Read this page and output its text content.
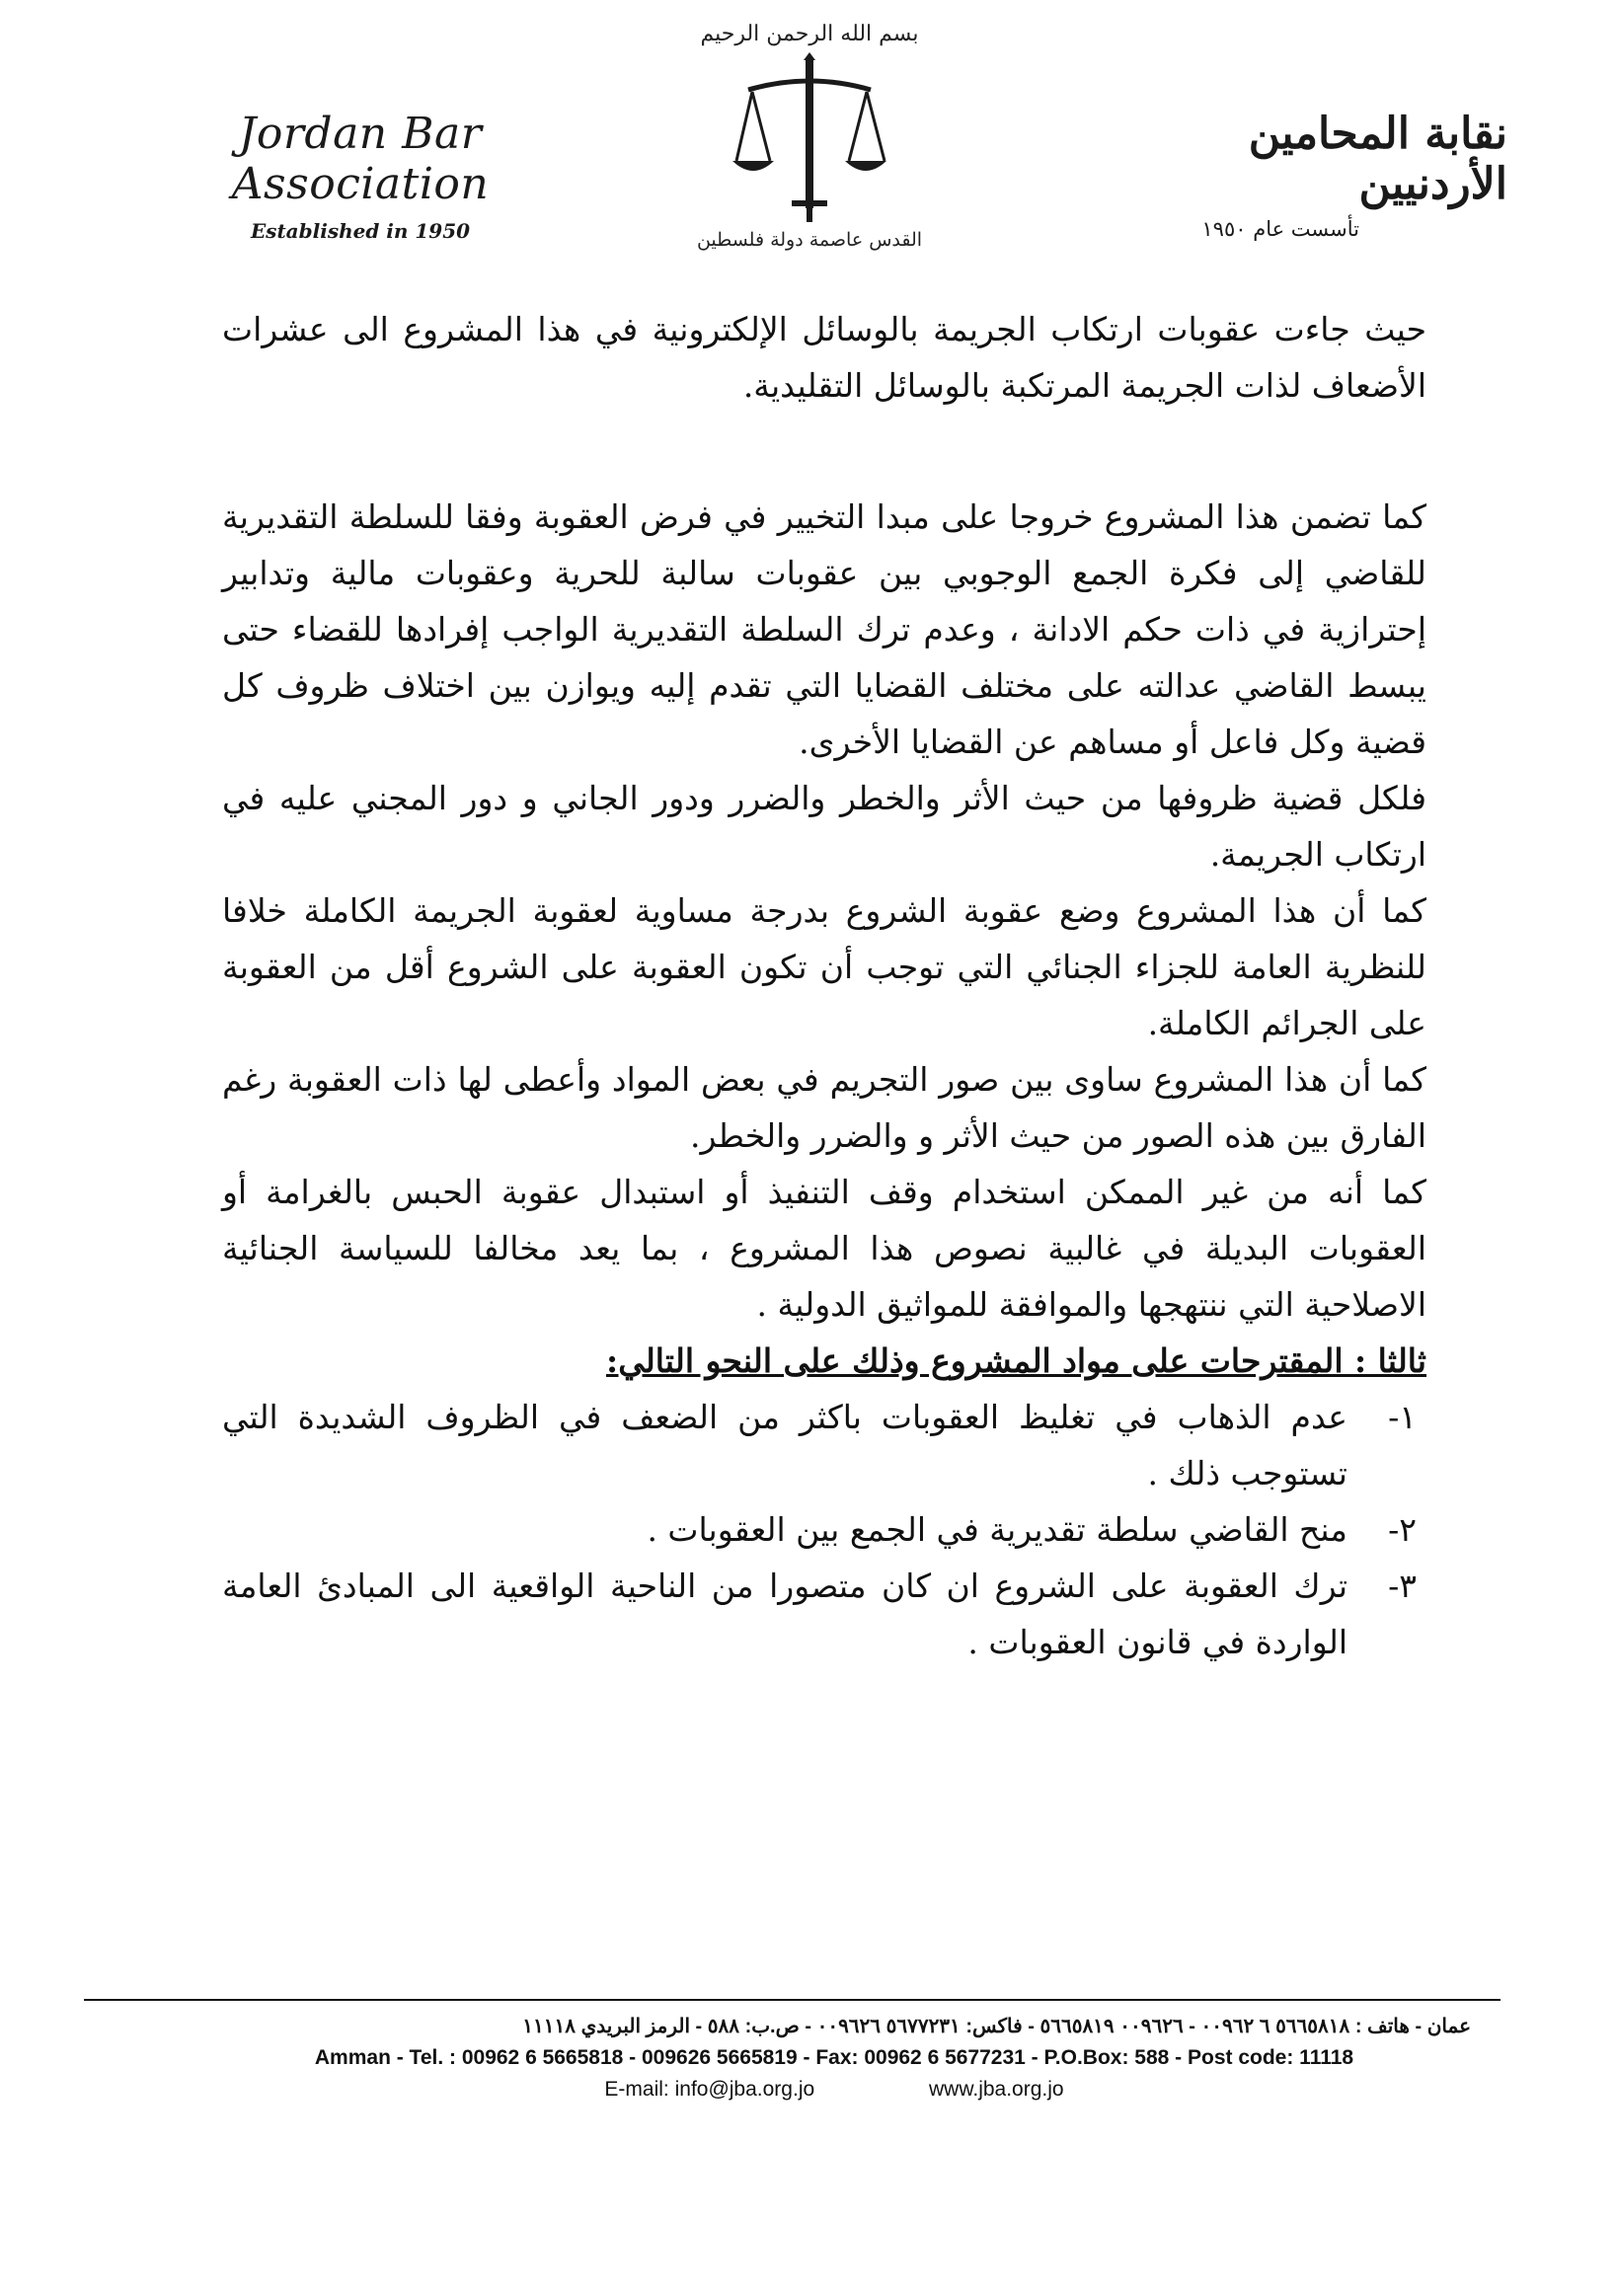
Jordan Bar Association
Established in 1950
بسم الله الرحمن الرحيم
القدس عاصمة دولة فلسطين
نقابة المحامين الأردنيين
تأسست عام ١٩٥٠

حيث جاءت عقوبات ارتكاب الجريمة بالوسائل الإلكترونية في هذا المشروع الى عشرات الأضعاف لذات الجريمة المرتكبة بالوسائل التقليدية.

كما تضمن هذا المشروع خروجا على مبدا التخيير في فرض العقوبة وفقا للسلطة التقديرية للقاضي إلى فكرة الجمع الوجوبي بين عقوبات سالبة للحرية وعقوبات مالية وتدابير إحترازية في ذات حكم الادانة ، وعدم ترك السلطة التقديرية الواجب إفرادها للقضاء حتى يبسط القاضي عدالته على مختلف القضايا التي تقدم إليه ويوازن بين اختلاف ظروف كل قضية وكل فاعل أو مساهم عن القضايا الأخرى.

فلكل قضية ظروفها من حيث الأثر والخطر والضرر ودور الجاني و دور المجني عليه في ارتكاب الجريمة.

كما أن هذا المشروع وضع عقوبة الشروع بدرجة مساوية لعقوبة الجريمة الكاملة خلافا للنظرية العامة للجزاء الجنائي التي توجب أن تكون العقوبة على الشروع أقل من العقوبة على الجرائم الكاملة.

كما أن هذا المشروع ساوى بين صور التجريم في بعض المواد وأعطى لها ذات العقوبة رغم الفارق بين هذه الصور من حيث الأثر و والضرر والخطر.

كما أنه من غير الممكن استخدام وقف التنفيذ أو استبدال عقوبة الحبس بالغرامة أو العقوبات البديلة في غالبية نصوص هذا المشروع ، بما يعد مخالفا للسياسة الجنائية الاصلاحية التي ننتهجها والموافقة للمواثيق الدولية .

ثالثا : المقترحات على مواد المشروع وذلك على النحو التالي:

١-
عدم الذهاب في تغليظ العقوبات باكثر من الضعف في الظروف الشديدة التي تستوجب ذلك .
٢-
منح القاضي سلطة تقديرية في الجمع بين العقوبات .
٣-
ترك العقوبة على الشروع ان كان متصورا من الناحية الواقعية الى المبادئ العامة الواردة في قانون العقوبات .
عمان - هاتف : ٥٦٦٥٨١٨ ٦ ٠٠٩٦٢ - ٠٠٩٦٢٦ ٥٦٦٥٨١٩ - فاكس: ٥٦٧٧٢٣١ ٠٠٩٦٢٦ - ص.ب: ٥٨٨ - الرمز البريدي ١١١١٨
Amman - Tel. : 00962 6 5665818 - 009626 5665819 - Fax: 00962 6 5677231 - P.O.Box: 588 - Post code: 11118
E-mail: info@jba.org.jo	www.jba.org.jo
